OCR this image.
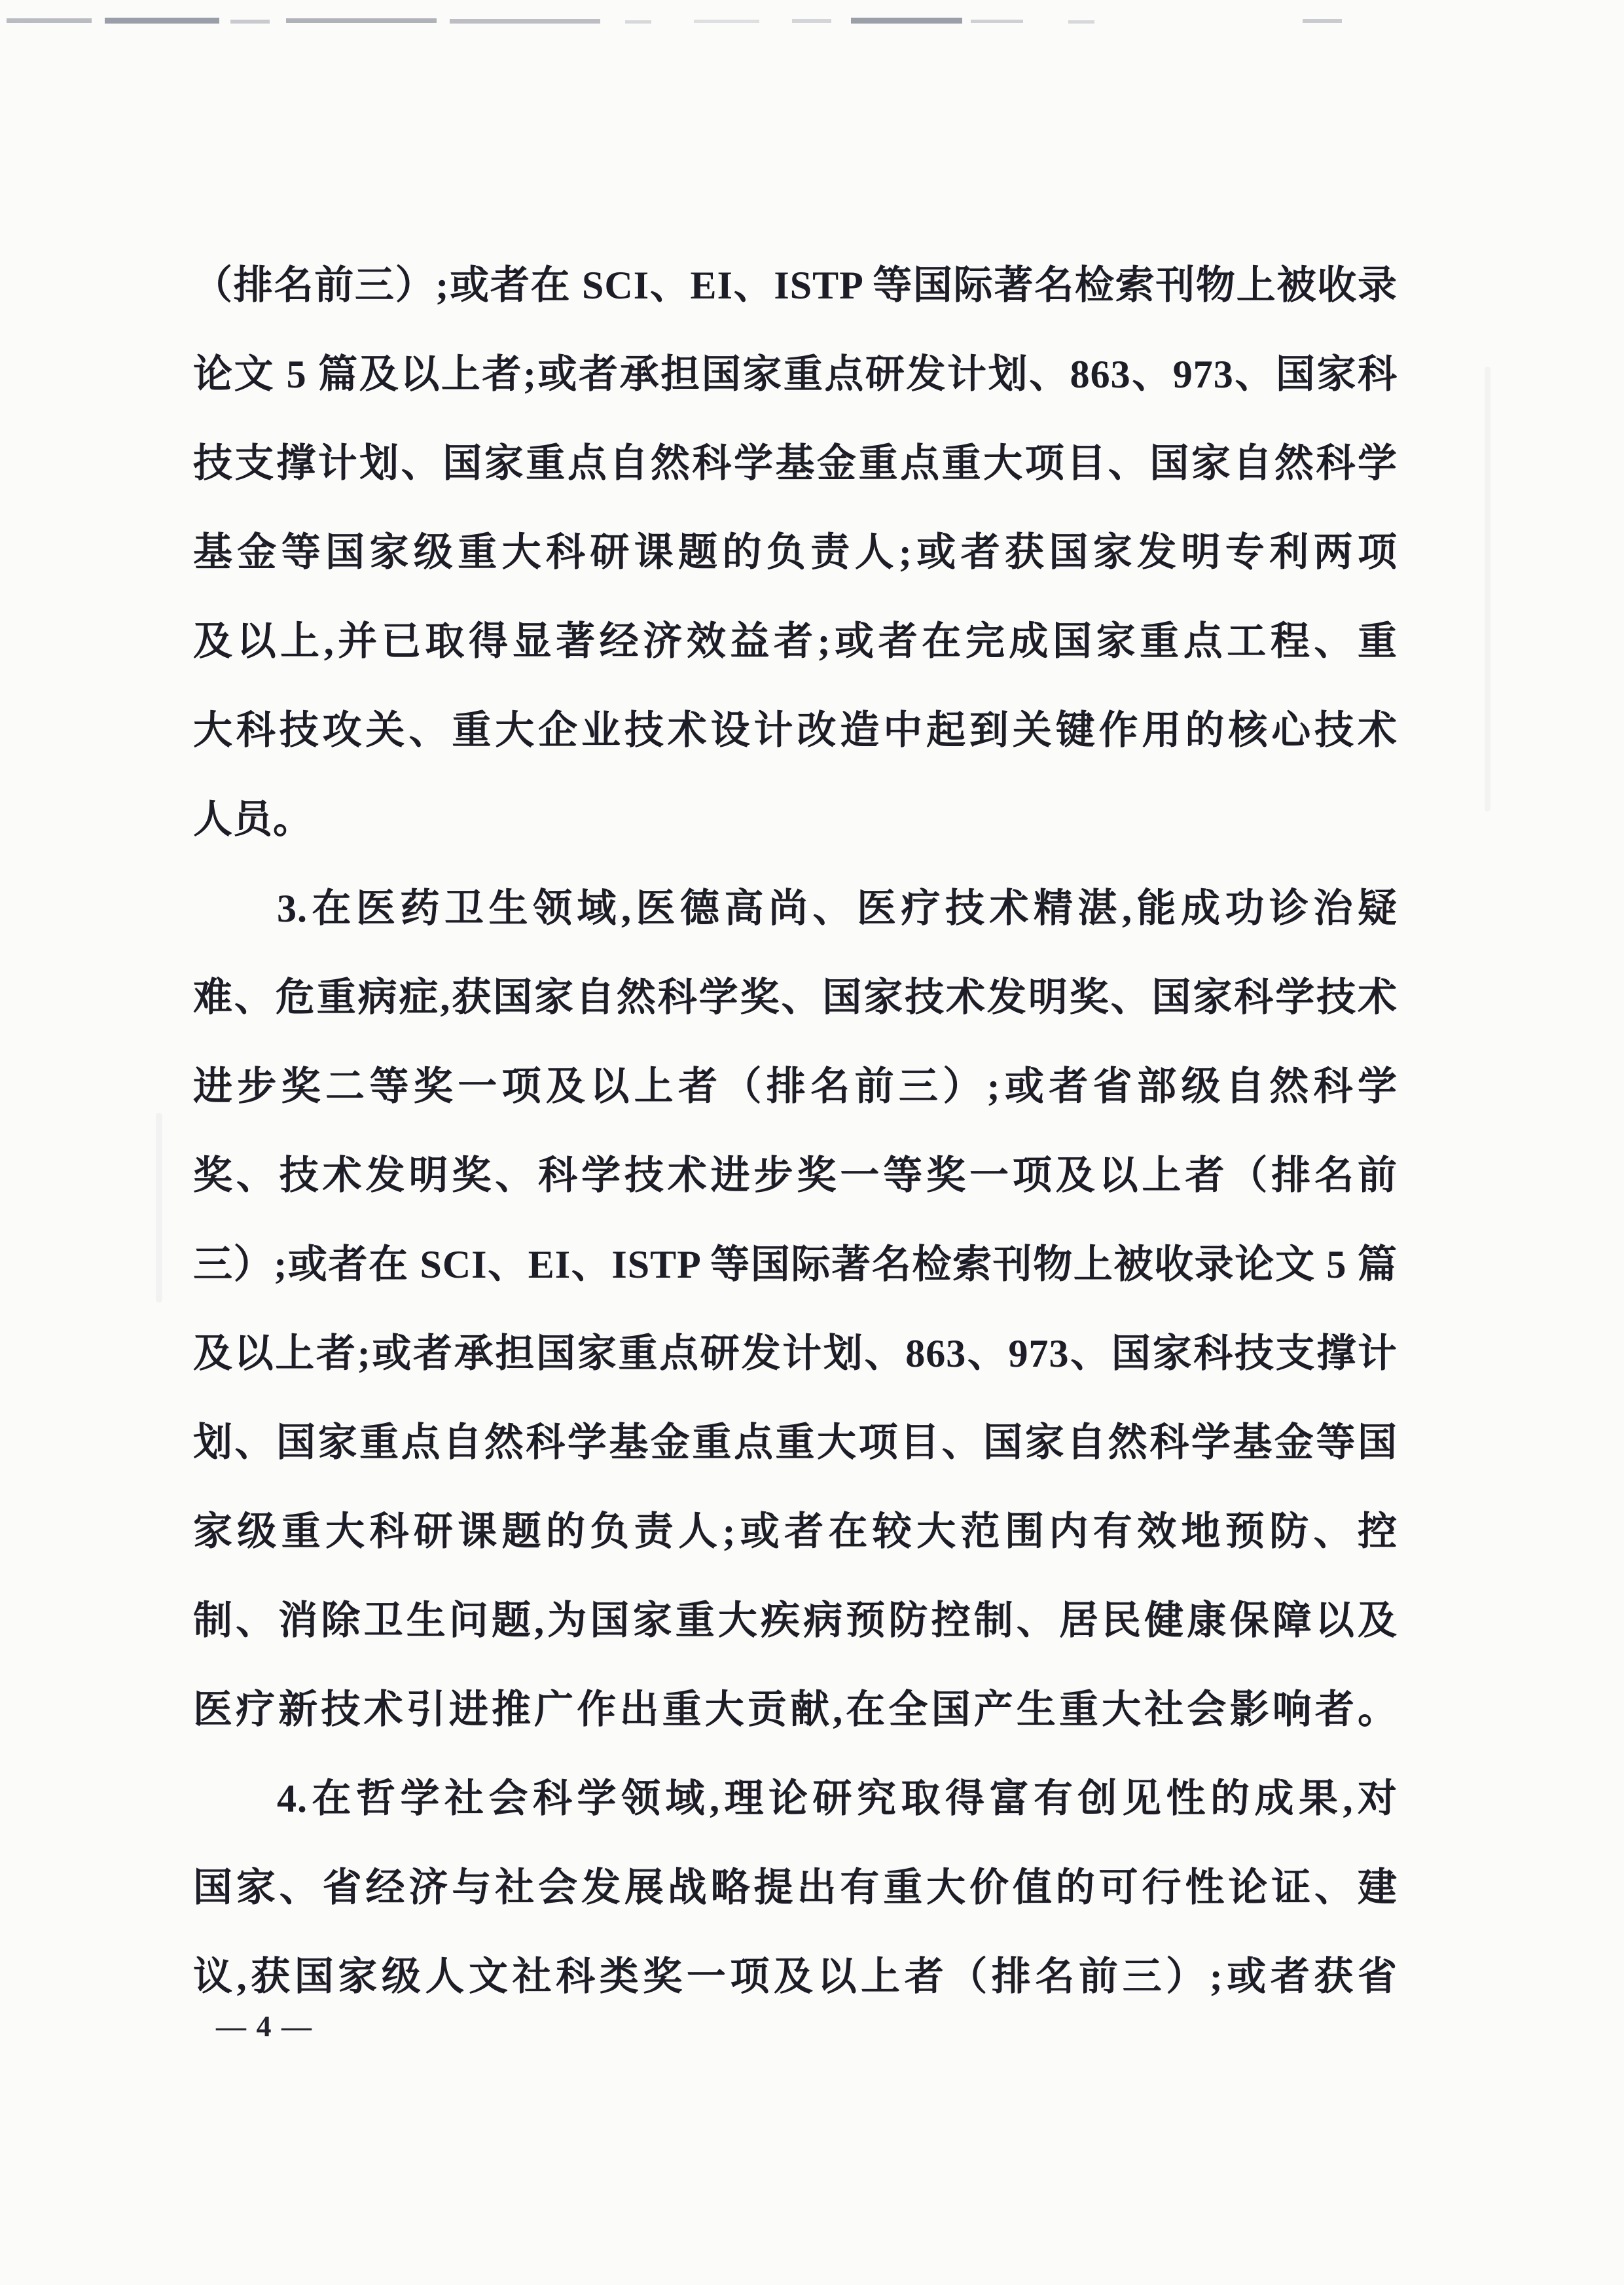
（排名前三）;或者在 SCI、EI、ISTP 等国际著名检索刊物上被收录
论文 5 篇及以上者;或者承担国家重点研发计划、863、973、国家科
技支撑计划、国家重点自然科学基金重点重大项目、国家自然科学
基金等国家级重大科研课题的负责人;或者获国家发明专利两项
及以上,并已取得显著经济效益者;或者在完成国家重点工程、重
大科技攻关、重大企业技术设计改造中起到关键作用的核心技术
人员。
3.在医药卫生领域,医德高尚、医疗技术精湛,能成功诊治疑
难、危重病症,获国家自然科学奖、国家技术发明奖、国家科学技术
进步奖二等奖一项及以上者（排名前三）;或者省部级自然科学
奖、技术发明奖、科学技术进步奖一等奖一项及以上者（排名前
三）;或者在 SCI、EI、ISTP 等国际著名检索刊物上被收录论文 5 篇
及以上者;或者承担国家重点研发计划、863、973、国家科技支撑计
划、国家重点自然科学基金重点重大项目、国家自然科学基金等国
家级重大科研课题的负责人;或者在较大范围内有效地预防、控
制、消除卫生问题,为国家重大疾病预防控制、居民健康保障以及
医疗新技术引进推广作出重大贡献,在全国产生重大社会影响者。
4.在哲学社会科学领域,理论研究取得富有创见性的成果,对
国家、省经济与社会发展战略提出有重大价值的可行性论证、建
议,获国家级人文社科类奖一项及以上者（排名前三）;或者获省
— 4 —
